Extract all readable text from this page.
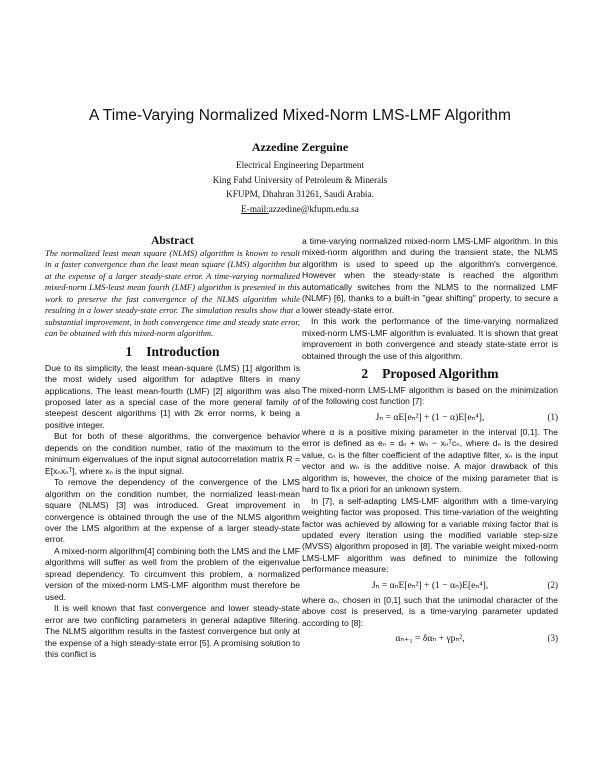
A Time-Varying Normalized Mixed-Norm LMS-LMF Algorithm
Azzedine Zerguine
Electrical Engineering Department
King Fahd University of Petroleum & Minerals
KFUPM, Dhahran 31261, Saudi Arabia.
E-mail:azzedine@kfupm.edu.sa
Abstract

The normalized least mean square (NLMS) algorithm is known to result in a faster convergence than the least mean square (LMS) algorithm but at the expense of a larger steady-state error. A time-varying normalized mixed-norm LMS-least mean fourth (LMF) algorithm is presented in this work to preserve the fast convergence of the NLMS algorithm while resulting in a lower steady-state error. The simulation results show that a substantial improvement, in both convergence time and steady state error, can be obtained with this mixed-norm algorithm.

1 Introduction

Due to its simplicity, the least mean-square (LMS) [1] algorithm is the most widely used algorithm for adaptive filters in many applications. The least mean-fourth (LMF) [2] algorithm was also proposed later as a special case of the more general family of steepest descent algorithms [1] with 2k error norms, k being a positive integer.

But for both of these algorithms, the convergence behavior depends on the condition number, ratio of the maximum to the minimum eigenvalues of the input signal autocorrelation matrix R = E[xₙxₙᵀ], where xₙ is the input signal.

To remove the dependency of the convergence of the LMS algorithm on the condition number, the normalized least-mean square (NLMS) [3] was introduced. Great improvement in convergence is obtained through the use of the NLMS algorithm over the LMS algorithm at the expense of a larger steady-state error.

A mixed-norm algorithm[4] combining both the LMS and the LMF algorithms will suffer as well from the problem of the eigenvalue spread dependency. To circumvent this problem, a normalized version of the mixed-norm LMS-LMF algorithm must therefore be used.

It is well known that fast convergence and lower steady-state error are two conflicting parameters in general adaptive filtering. The NLMS algorithm results in the fastest convergence but only at the expense of a high steady-state error [5]. A promising solution to this conflict is

a time-varying normalized mixed-norm LMS-LMF algorithm. In this mixed-norm algorithm and during the transient state, the NLMS algorithm is used to speed up the algorithm's convergence. However when the steady-state is reached the algorithm automatically switches from the NLMS to the normalized LMF (NLMF) [6], thanks to a built-in "gear shifting" property, to secure a lower steady-state error.

In this work the performance of the time-varying normalized mixed-norm LMS-LMF algorithm is evaluated. It is shown that great improvement in both convergence and steady state-state error is obtained through the use of this algorithm.

2 Proposed Algorithm

The mixed-norm LMS-LMF algorithm is based on the minimization of the following cost function [7]:

Jₙ = αE[eₙ²] + (1 − α)E[eₙ⁴],	(1)

where α is a positive mixing parameter in the interval [0,1]. The error is defined as eₙ = dₙ + wₙ − xₙᵀcₙ, where dₙ is the desired value, cₙ is the filter coefficient of the adaptive filter, xₙ is the input vector and wₙ is the additive noise. A major drawback of this algorithm is, however, the choice of the mixing parameter that is hard to fix a priori for an unknown system.

In [7], a self-adapting LMS-LMF algorithm with a time-varying weighting factor was proposed. This time-variation of the weighting factor was achieved by allowing for a variable mixing factor that is updated every iteration using the modified variable step-size (MVSS) algorithm proposed in [8]. The variable weight mixed-norm LMS-LMF algorithm was defined to minimize the following performance measure:

Jₙ = αₙE[eₙ²] + (1 − αₙ)E[eₙ⁴],	(2)

where αₙ, chosen in [0,1] such that the unimodal character of the above cost is preserved, is a time-varying parameter updated according to [8]:

αₙ₊₁ = δαₙ + γpₙ²,	(3)
